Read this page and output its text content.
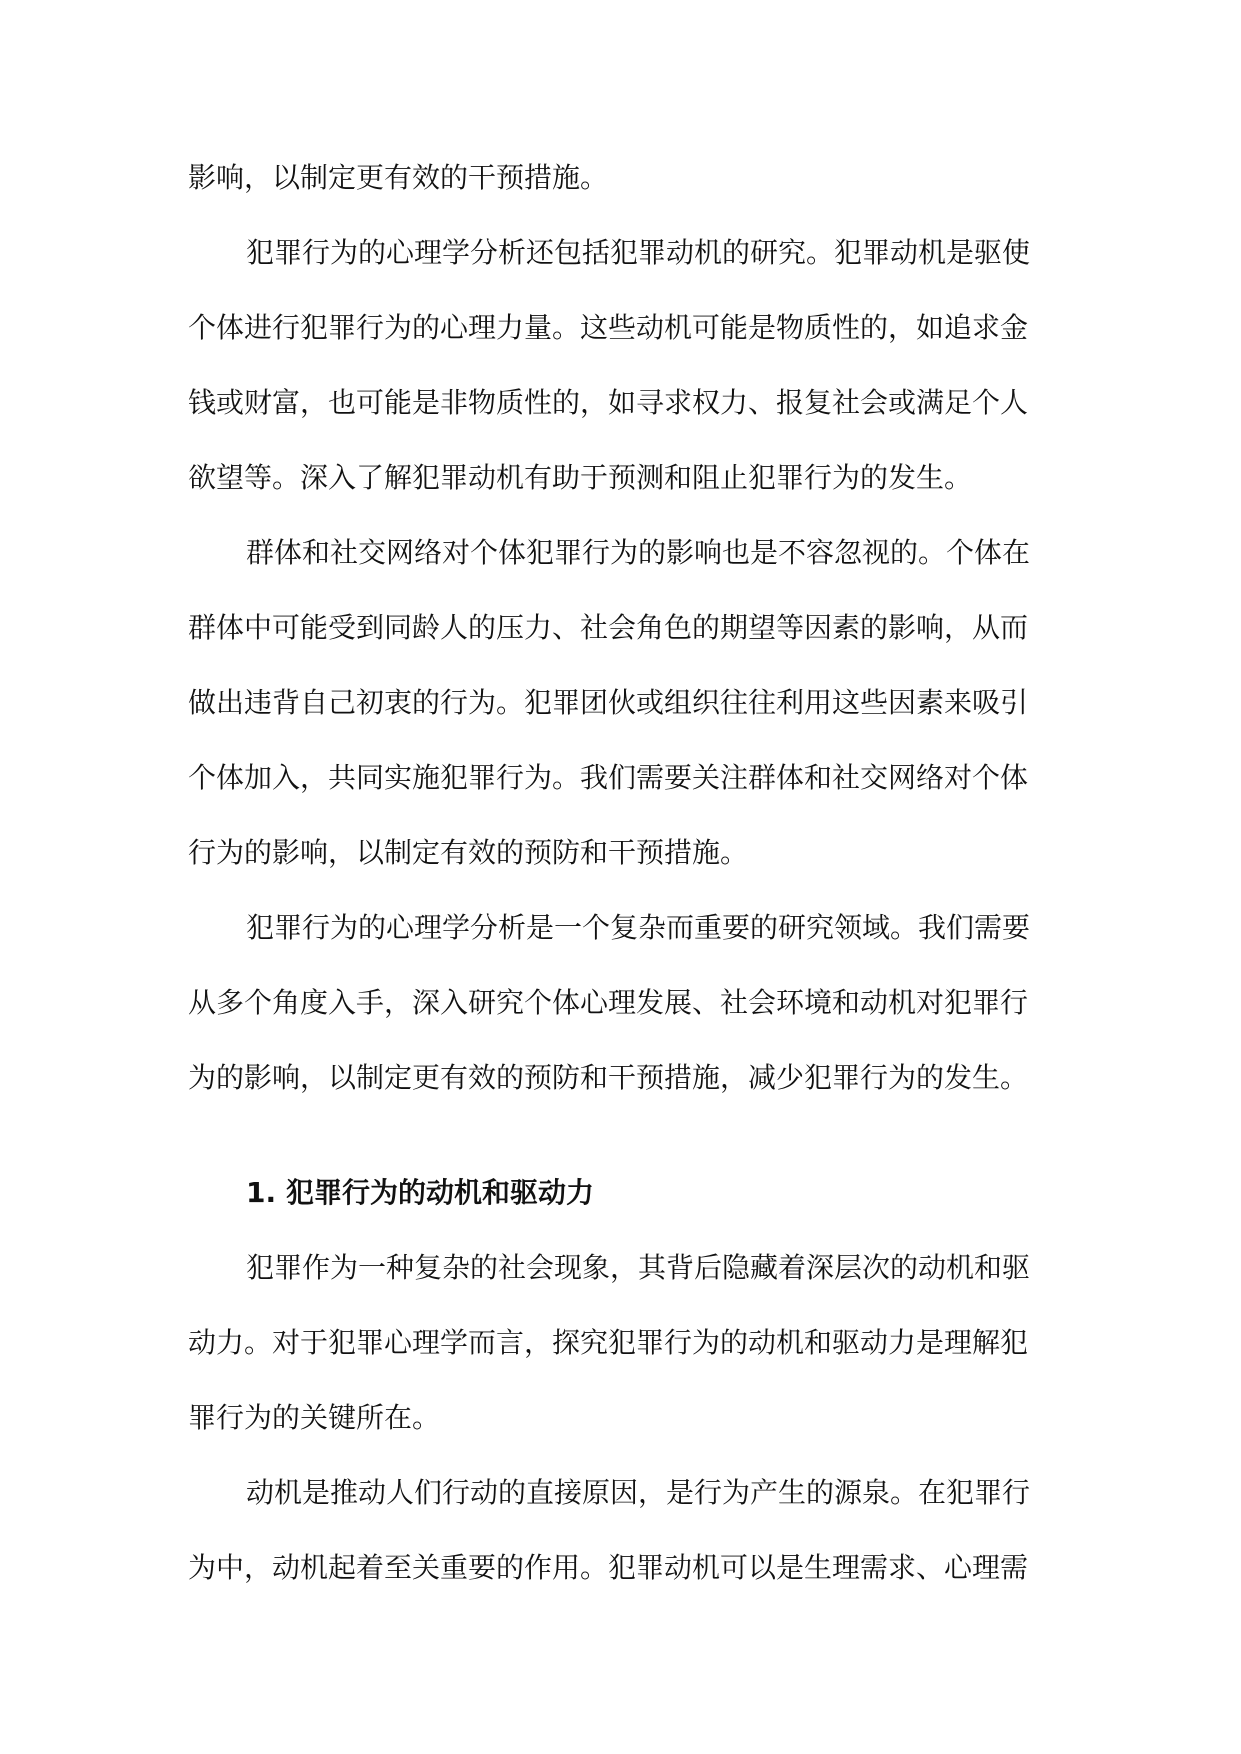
影响，以制定更有效的干预措施。
犯罪行为的心理学分析还包括犯罪动机的研究。犯罪动机是驱使
个体进行犯罪行为的心理力量。这些动机可能是物质性的，如追求金
钱或财富，也可能是非物质性的，如寻求权力、报复社会或满足个人
欲望等。深入了解犯罪动机有助于预测和阻止犯罪行为的发生。
群体和社交网络对个体犯罪行为的影响也是不容忽视的。个体在
群体中可能受到同龄人的压力、社会角色的期望等因素的影响，从而
做出违背自己初衷的行为。犯罪团伙或组织往往利用这些因素来吸引
个体加入，共同实施犯罪行为。我们需要关注群体和社交网络对个体
行为的影响，以制定有效的预防和干预措施。
犯罪行为的心理学分析是一个复杂而重要的研究领域。我们需要
从多个角度入手，深入研究个体心理发展、社会环境和动机对犯罪行
为的影响，以制定更有效的预防和干预措施，减少犯罪行为的发生。
1. 犯罪行为的动机和驱动力
犯罪作为一种复杂的社会现象，其背后隐藏着深层次的动机和驱
动力。对于犯罪心理学而言，探究犯罪行为的动机和驱动力是理解犯
罪行为的关键所在。
动机是推动人们行动的直接原因，是行为产生的源泉。在犯罪行
为中，动机起着至关重要的作用。犯罪动机可以是生理需求、心理需
